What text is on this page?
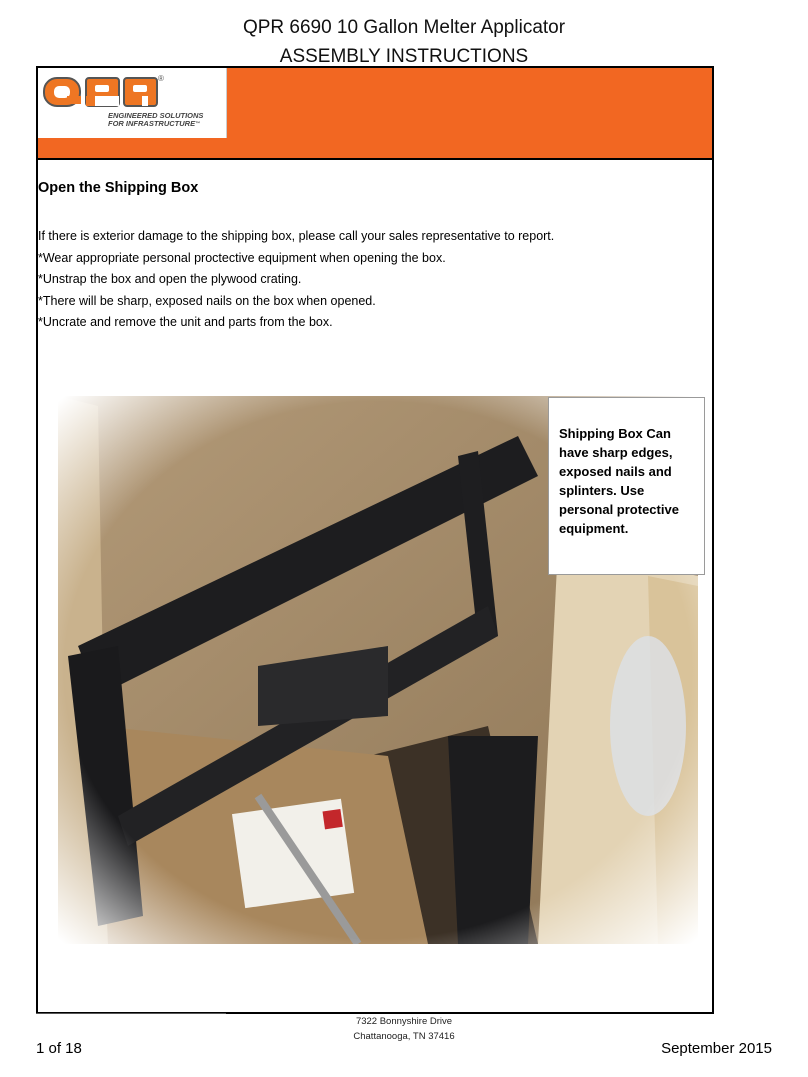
QPR 6690 10 Gallon Melter Applicator
ASSEMBLY INSTRUCTIONS
®
ENGINEERED SOLUTIONS
FOR INFRASTRUCTURE™
Open the Shipping Box
If there is exterior damage to the shipping box, please call your sales representative to report.
*Wear appropriate personal proctective equipment when opening the box.
*Unstrap the box and open the plywood crating.
*There will be sharp, exposed nails on the box when opened.
*Uncrate and remove the unit and parts from the box.
Shipping Box Can have sharp edges, exposed nails and splinters. Use personal protective equipment.
7322 Bonnyshire Drive
Chattanooga, TN 37416
1 of 18	September 2015
